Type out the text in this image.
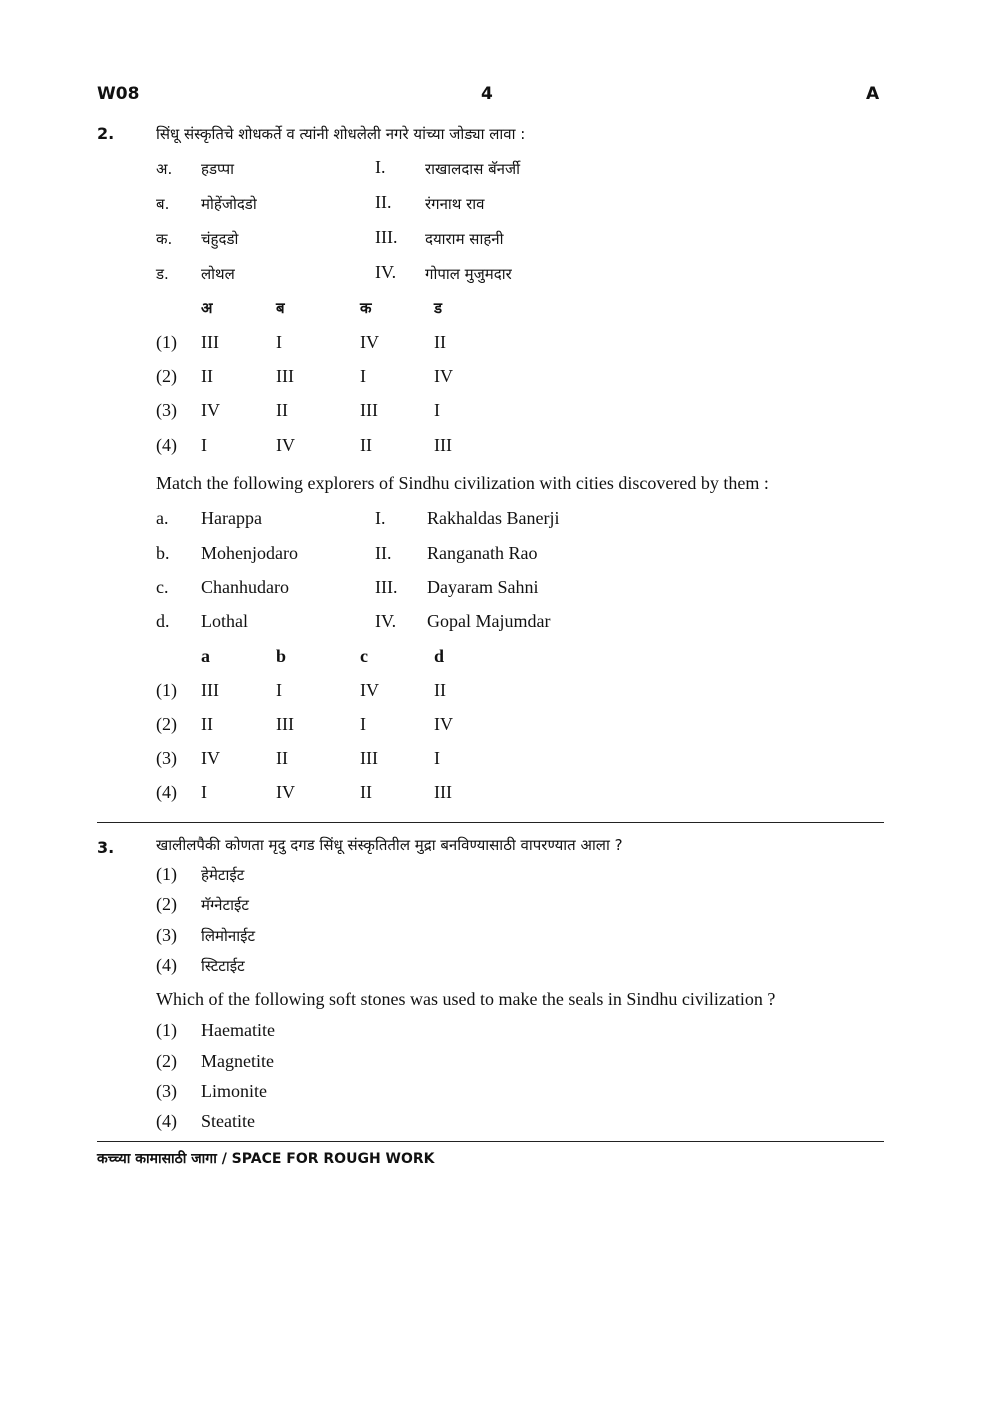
W08	4	A
2.	सिंधू संस्कृतिचे शोधकर्ते व त्यांनी शोधलेली नगरे यांच्या जोड्या लावा :
अ. हडप्पा	I.	राखालदास बॅनर्जी
ब. मोहेंजोदडो	II. रंगनाथ राव
क. चंहुदडो	III. दयाराम साहनी
ड. लोथल	IV. गोपाल मुजुमदार
अ	ब	क	ड
(1) III	I	IV	II
(2) II	III	I	IV
(3) IV	II	III	I
(4) I	IV	II	III
Match the following explorers of Sindhu civilization with cities discovered by them :
a. Harappa	I. Rakhaldas Banerji
b. Mohenjodaro	II. Ranganath Rao
c. Chanhudaro	III. Dayaram Sahni
d. Lothal	IV. Gopal Majumdar
a	b	c	d
(1) III	I	IV	II
(2) II	III	I	IV
(3) IV	II	III	I
(4) I	IV	II	III
3.	खालीलपैकी कोणता मृदु दगड सिंधू संस्कृतितील मुद्रा बनविण्यासाठी वापरण्यात आला ?
(1) हेमेटाईट
(2) मॅग्नेटाईट
(3) लिमोनाईट
(4) स्टिटाईट
Which of the following soft stones was used to make the seals in Sindhu civilization ?
(1) Haematite
(2) Magnetite
(3) Limonite
(4) Steatite
कच्च्या कामासाठी जागा / SPACE FOR ROUGH WORK
